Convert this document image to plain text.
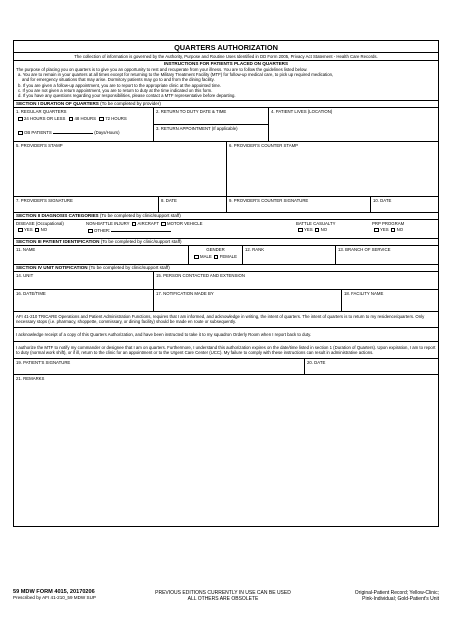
QUARTERS AUTHORIZATION
The collection of information is governed by the Authority, Purpose and Routine Uses Identified in DD Form 2005, Privacy Act Statement - Health Care Records.
INSTRUCTIONS FOR PATIENTS PLACED ON QUARTERS
The purpose of placing you on quarters is to give you an opportunity to rest and recuperate from your illness. You are to follow the guidelines listed below.
a. You are to remain in your quarters at all times except for returning to the Military Treatment Facility (MTF) for follow-up medical care, to pick up required medication,
and for emergency situations that may arise. Dormitory patients may go to and from the dining facility.
b. If you are given a follow-up appointment, you are to report to the appropriate clinic at the appointed time.
c. If you are not given a return appointment, you are to return to duty at the time indicated on this form.
d. If you have any questions regarding your responsibilities, please contact a MTF representative before departing.
SECTION I DURATION OF QUARTERS (To be completed by provider)
1. REGULAR QUARTERS
24 HOURS OR LESS 48 HOURS 72 HOURS
OB PATIENTS	(Days/Hours)
2. RETURN TO DUTY DATE & TIME
3. RETURN APPOINTMENT (If applicable)
4. PATIENT LIVES (LOCATION)
5. PROVIDER'S STAMP	6. PROVIDER'S COUNTER STAMP
7. PROVIDER'S SIGNATURE	8. DATE	9. PROVIDER'S COUNTER SIGNATURE	10. DATE
SECTION II DIAGNOSIS CATEGORIES (To be completed by clinic/support staff)
DISEASE (Occupational)
YES NO
NON-BATTLE INJURY AIRCRAFT MOTOR VEHICLE
OTHER:
BATTLE CASUALTY
YES NO
PRP PROGRAM
YES NO
SECTION III PATIENT IDENTIFICATION (To be completed by clinic/support staff)
11. NAME	GENDER
MALE FEMALE
12. RANK	13. BRANCH OF SERVICE
SECTION IV UNIT NOTIFICATION (To be completed by clinic/support staff)
14. UNIT	15. PERSON CONTACTED AND EXTENSION
16. DATE/TIME	17. NOTIFICATION MADE BY	18. FACILITY NAME
AFI 41-210 TRICARE Operations and Patient Administration Functions, requires that I am informed, and acknowledge in writing, the intent of quarters. The intent of quarters is to return to my residence/quarters. Only necessary stops (i.e. pharmacy, shoppette, commissary, or dining facility) should be made en route or subsequently.
I acknowledge receipt of a copy of this Quarters Authorization, and have been instructed to take it to my squadron Orderly Room when I report back to duty.
I authorize the MTF to notify my commander or designee that I am on quarters. Furthermore, I understand this authorization expires on the date/time listed in section 1 (Duration of Quarters). Upon expiration, I am to report to duty (normal work shift), or if ill, return to the clinic for an appointment or to the Urgent Care Center (UCC). My failure to comply with these instructions can result in administrative actions.
19. PATIENT'S SIGNATURE	20. DATE
21. REMARKS
59 MDW FORM 4015, 20170206
Prescribed by AFI 41-210_59 MDW SUP
PREVIOUS EDITIONS CURRENTLY IN USE CAN BE USED
ALL OTHERS ARE OBSOLETE
Original-Patient Record; Yellow-Clinic;
Pink-Individual; Gold-Patient's Unit
